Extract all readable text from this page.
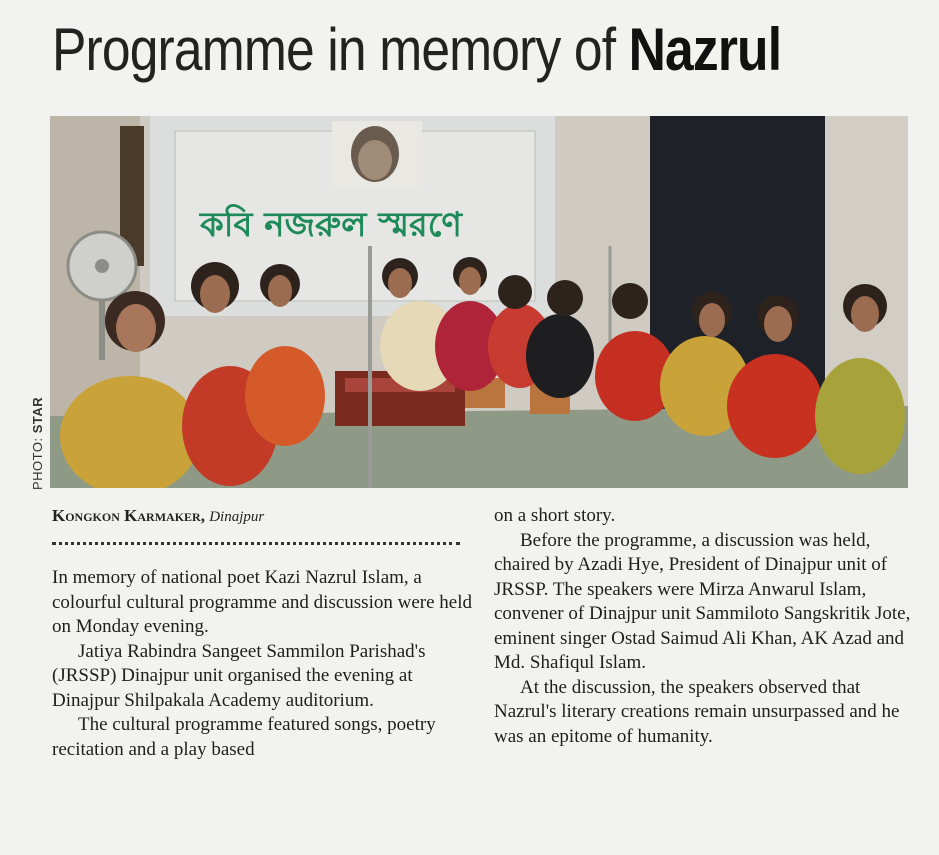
Programme in memory of Nazrul
কবি নজরুল স্মরণে
PHOTO: STAR
Kongkon Karmaker, Dinajpur

In memory of national poet Kazi Nazrul Islam, a colourful cultural programme and discussion were held on Monday evening.

Jatiya Rabindra Sangeet Sammilon Parishad's (JRSSP) Dinajpur unit organised the evening at Dinajpur Shilpakala Academy auditorium.

The cultural programme featured songs, poetry recitation and a play based

on a short story.

Before the programme, a discussion was held, chaired by Azadi Hye, President of Dinajpur unit of JRSSP. The speakers were Mirza Anwarul Islam, convener of Dinajpur unit Sammiloto Sangskritik Jote, eminent singer Ostad Saimud Ali Khan, AK Azad and Md. Shafiqul Islam.

At the discussion, the speakers observed that Nazrul's literary creations remain unsurpassed and he was an epitome of humanity.
